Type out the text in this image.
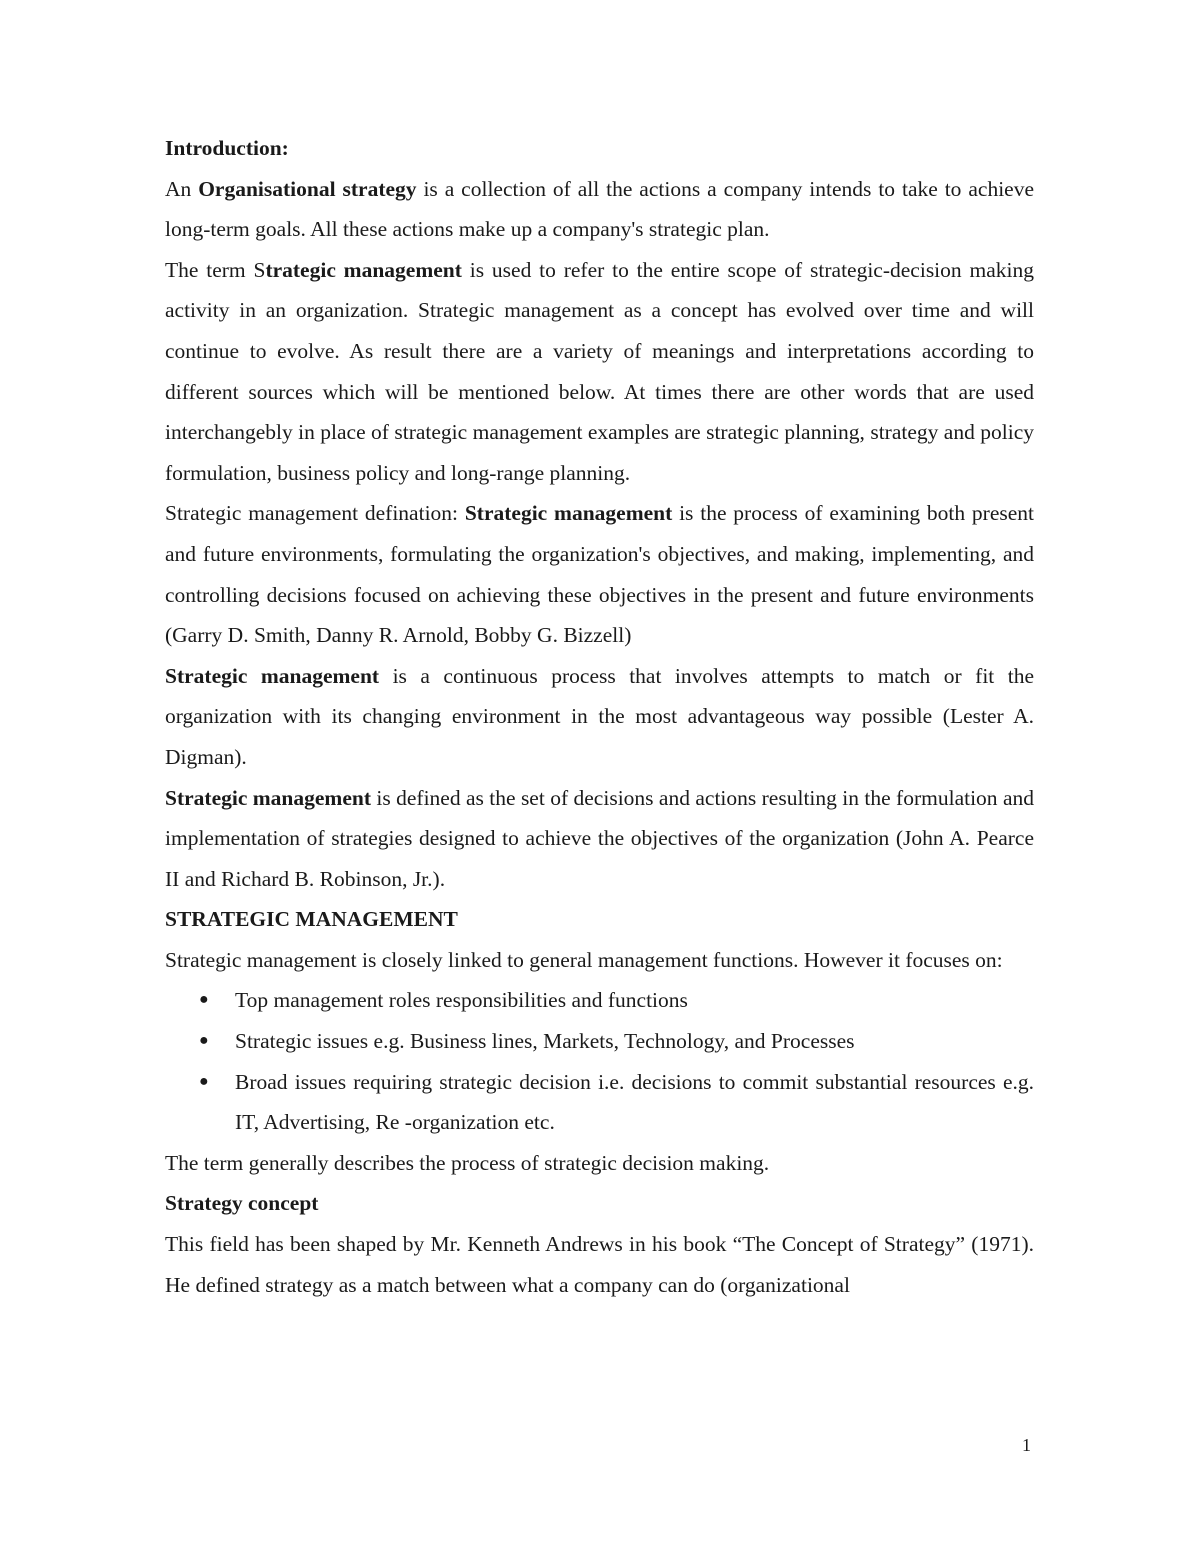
Introduction:

An Organisational strategy is a collection of all the actions a company intends to take to achieve long-term goals. All these actions make up a company's strategic plan.

The term Strategic management is used to refer to the entire scope of strategic-decision making activity in an organization. Strategic management as a concept has evolved over time and will continue to evolve. As result there are a variety of meanings and interpretations according to different sources which will be mentioned below. At times there are other words that are used interchangebly in place of strategic management examples are strategic planning, strategy and policy formulation, business policy and long-range planning.

Strategic management defination: Strategic management is the process of examining both present and future environments, formulating the organization's objectives, and making, implementing, and controlling decisions focused on achieving these objectives in the present and future environments (Garry D. Smith, Danny R. Arnold, Bobby G. Bizzell)

Strategic management is a continuous process that involves attempts to match or fit the organization with its changing environment in the most advantageous way possible (Lester A. Digman).

Strategic management is defined as the set of decisions and actions resulting in the formulation and implementation of strategies designed to achieve the objectives of the organization (John A. Pearce II and Richard B. Robinson, Jr.).

STRATEGIC MANAGEMENT

Strategic management is closely linked to general management functions. However it focuses on:

● Top management roles responsibilities and functions
● Strategic issues e.g. Business lines, Markets, Technology, and Processes
● Broad issues requiring strategic decision i.e. decisions to commit substantial resources e.g. IT, Advertising, Re -organization etc.

The term generally describes the process of strategic decision making.

Strategy concept

This field has been shaped by Mr. Kenneth Andrews in his book “The Concept of Strategy” (1971). He defined strategy as a match between what a company can do (organizational

1
